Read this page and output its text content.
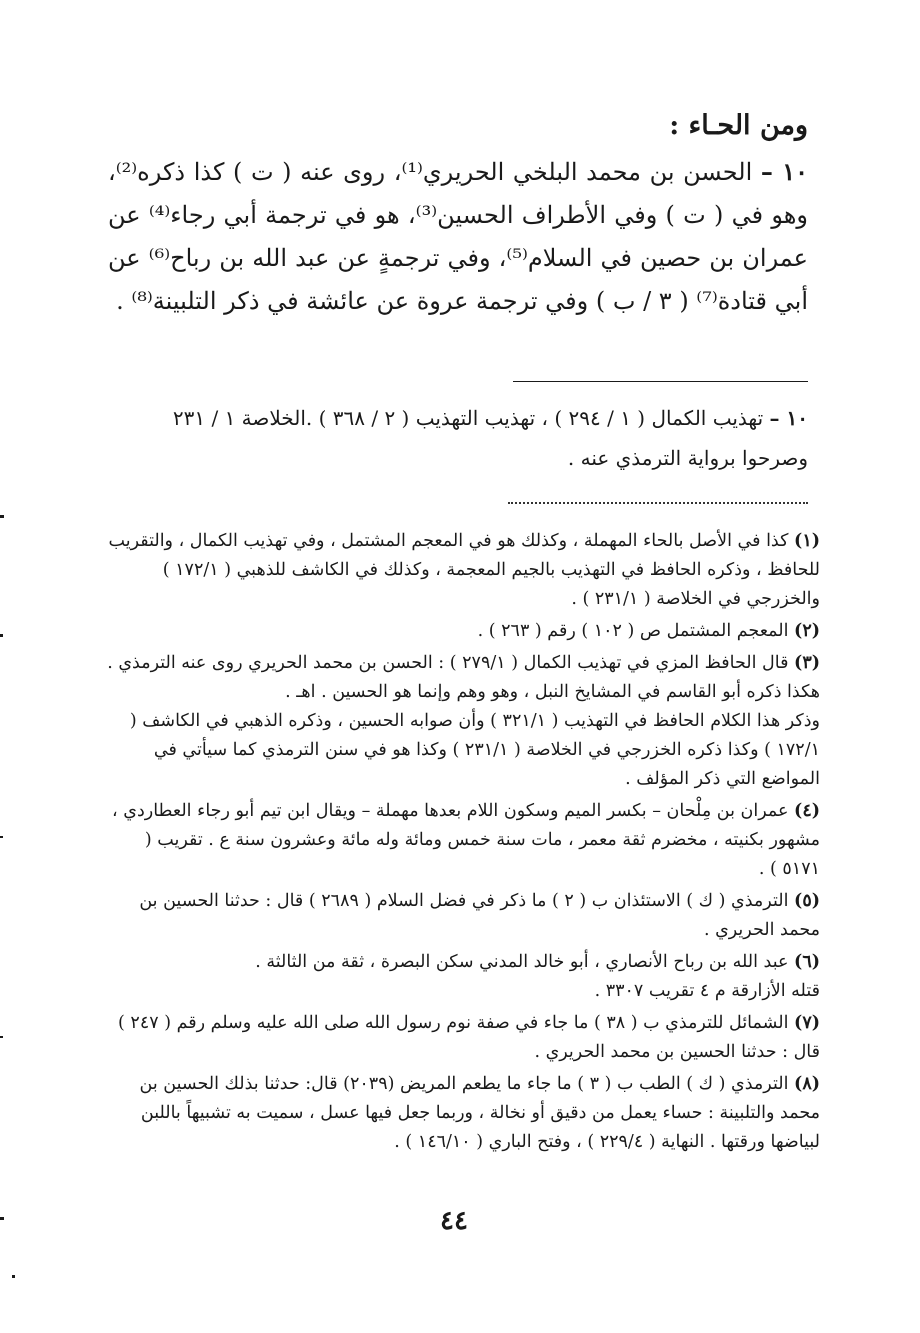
ومن الحـاء :

١٠ – الحسن بن محمد البلخي الحريري⁽¹⁾، روى عنه ( ت ) كذا ذكره⁽²⁾، وهو في ( ت ) وفي الأطراف الحسين⁽³⁾، هو في ترجمة أبي رجاء⁽⁴⁾ عن عمران بن حصين في السلام⁽⁵⁾، وفي ترجمةٍ عن عبد الله بن رباح⁽⁶⁾ عن أبي قتادة⁽⁷⁾ ( ٣ / ب ) وفي ترجمة عروة عن عائشة في ذكر التلبينة⁽⁸⁾ .

١٠ – تهذيب الكمال ( ١ / ٢٩٤ ) ، تهذيب التهذيب ( ٢ / ٣٦٨ ) .الخلاصة ١ / ٢٣١ وصرحوا برواية الترمذي عنه .

(١) كذا في الأصل بالحاء المهملة ، وكذلك هو في المعجم المشتمل ، وفي تهذيب الكمال ، والتقريب للحافظ ، وذكره الحافظ في التهذيب بالجيم المعجمة ، وكذلك في الكاشف للذهبي ( ١٧٢/١ ) والخزرجي في الخلاصة ( ٢٣١/١ ) .
(٢) المعجم المشتمل ص ( ١٠٢ ) رقم ( ٢٦٣ ) .
(٣) قال الحافظ المزي في تهذيب الكمال ( ٢٧٩/١ ) : الحسن بن محمد الحريري روى عنه الترمذي .
هكذا ذكره أبو القاسم في المشايخ النبل ، وهو وهم وإنما هو الحسين . اهـ .
وذكر هذا الكلام الحافظ في التهذيب ( ٣٢١/١ ) وأن صوابه الحسين ، وذكره الذهبي في الكاشف ( ١٧٢/١ ) وكذا ذكره الخزرجي في الخلاصة ( ٢٣١/١ ) وكذا هو في سنن الترمذي كما سيأتي في المواضع التي ذكر المؤلف .
(٤) عمران بن مِلْحان – بكسر الميم وسكون اللام بعدها مهملة – ويقال ابن تيم أبو رجاء العطاردي ، مشهور بكنيته ، مخضرم ثقة معمر ، مات سنة خمس ومائة وله مائة وعشرون سنة ع . تقريب ( ٥١٧١ ) .
(٥) الترمذي ( ك ) الاستئذان ب ( ٢ ) ما ذكر في فضل السلام ( ٢٦٨٩ ) قال : حدثنا الحسين بن محمد الحريري .
(٦) عبد الله بن رباح الأنصاري ، أبو خالد المدني سكن البصرة ، ثقة من الثالثة .
قتله الأزارقة م ٤ تقريب ٣٣٠٧ .
(٧) الشمائل للترمذي ب ( ٣٨ ) ما جاء في صفة نوم رسول الله صلى الله عليه وسلم رقم ( ٢٤٧ ) قال : حدثنا الحسين بن محمد الحريري .
(٨) الترمذي ( ك ) الطب ب ( ٣ ) ما جاء ما يطعم المريض (٢٠٣٩) قال: حدثنا بذلك الحسين بن محمد والتلبينة : حساء يعمل من دقيق أو نخالة ، وربما جعل فيها عسل ، سميت به تشبيهاً باللبن لبياضها ورقتها . النهاية ( ٢٢٩/٤ ) ، وفتح الباري ( ١٤٦/١٠ ) .
٤٤
